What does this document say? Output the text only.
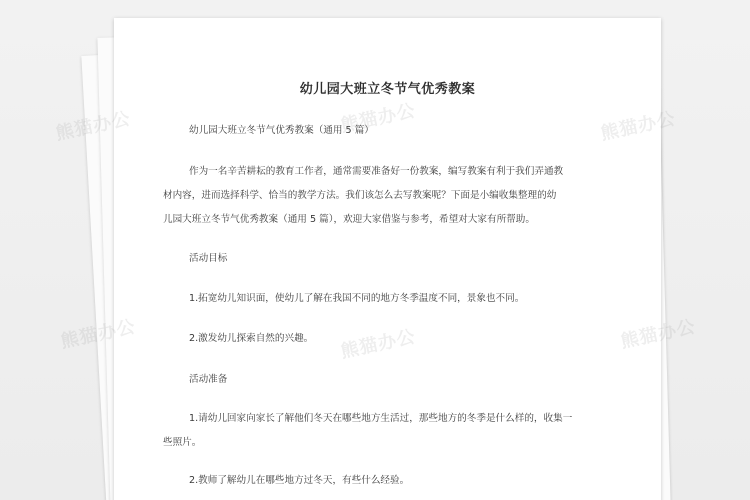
幼儿园大班立冬节气优秀教案
幼儿园大班立冬节气优秀教案（通用 5 篇）
作为一名辛苦耕耘的教育工作者，通常需要准备好一份教案，编写教案有利于我们弄通教
材内容，进而选择科学、恰当的教学方法。我们该怎么去写教案呢？下面是小编收集整理的幼
儿园大班立冬节气优秀教案（通用 5 篇），欢迎大家借鉴与参考，希望对大家有所帮助。
活动目标
1.拓宽幼儿知识面，使幼儿了解在我国不同的地方冬季温度不同，景象也不同。
2.激发幼儿探索自然的兴趣。
活动准备
1.请幼儿回家向家长了解他们冬天在哪些地方生活过，那些地方的冬季是什么样的，收集一
些照片。
2.教师了解幼儿在哪些地方过冬天，有些什么经验。
